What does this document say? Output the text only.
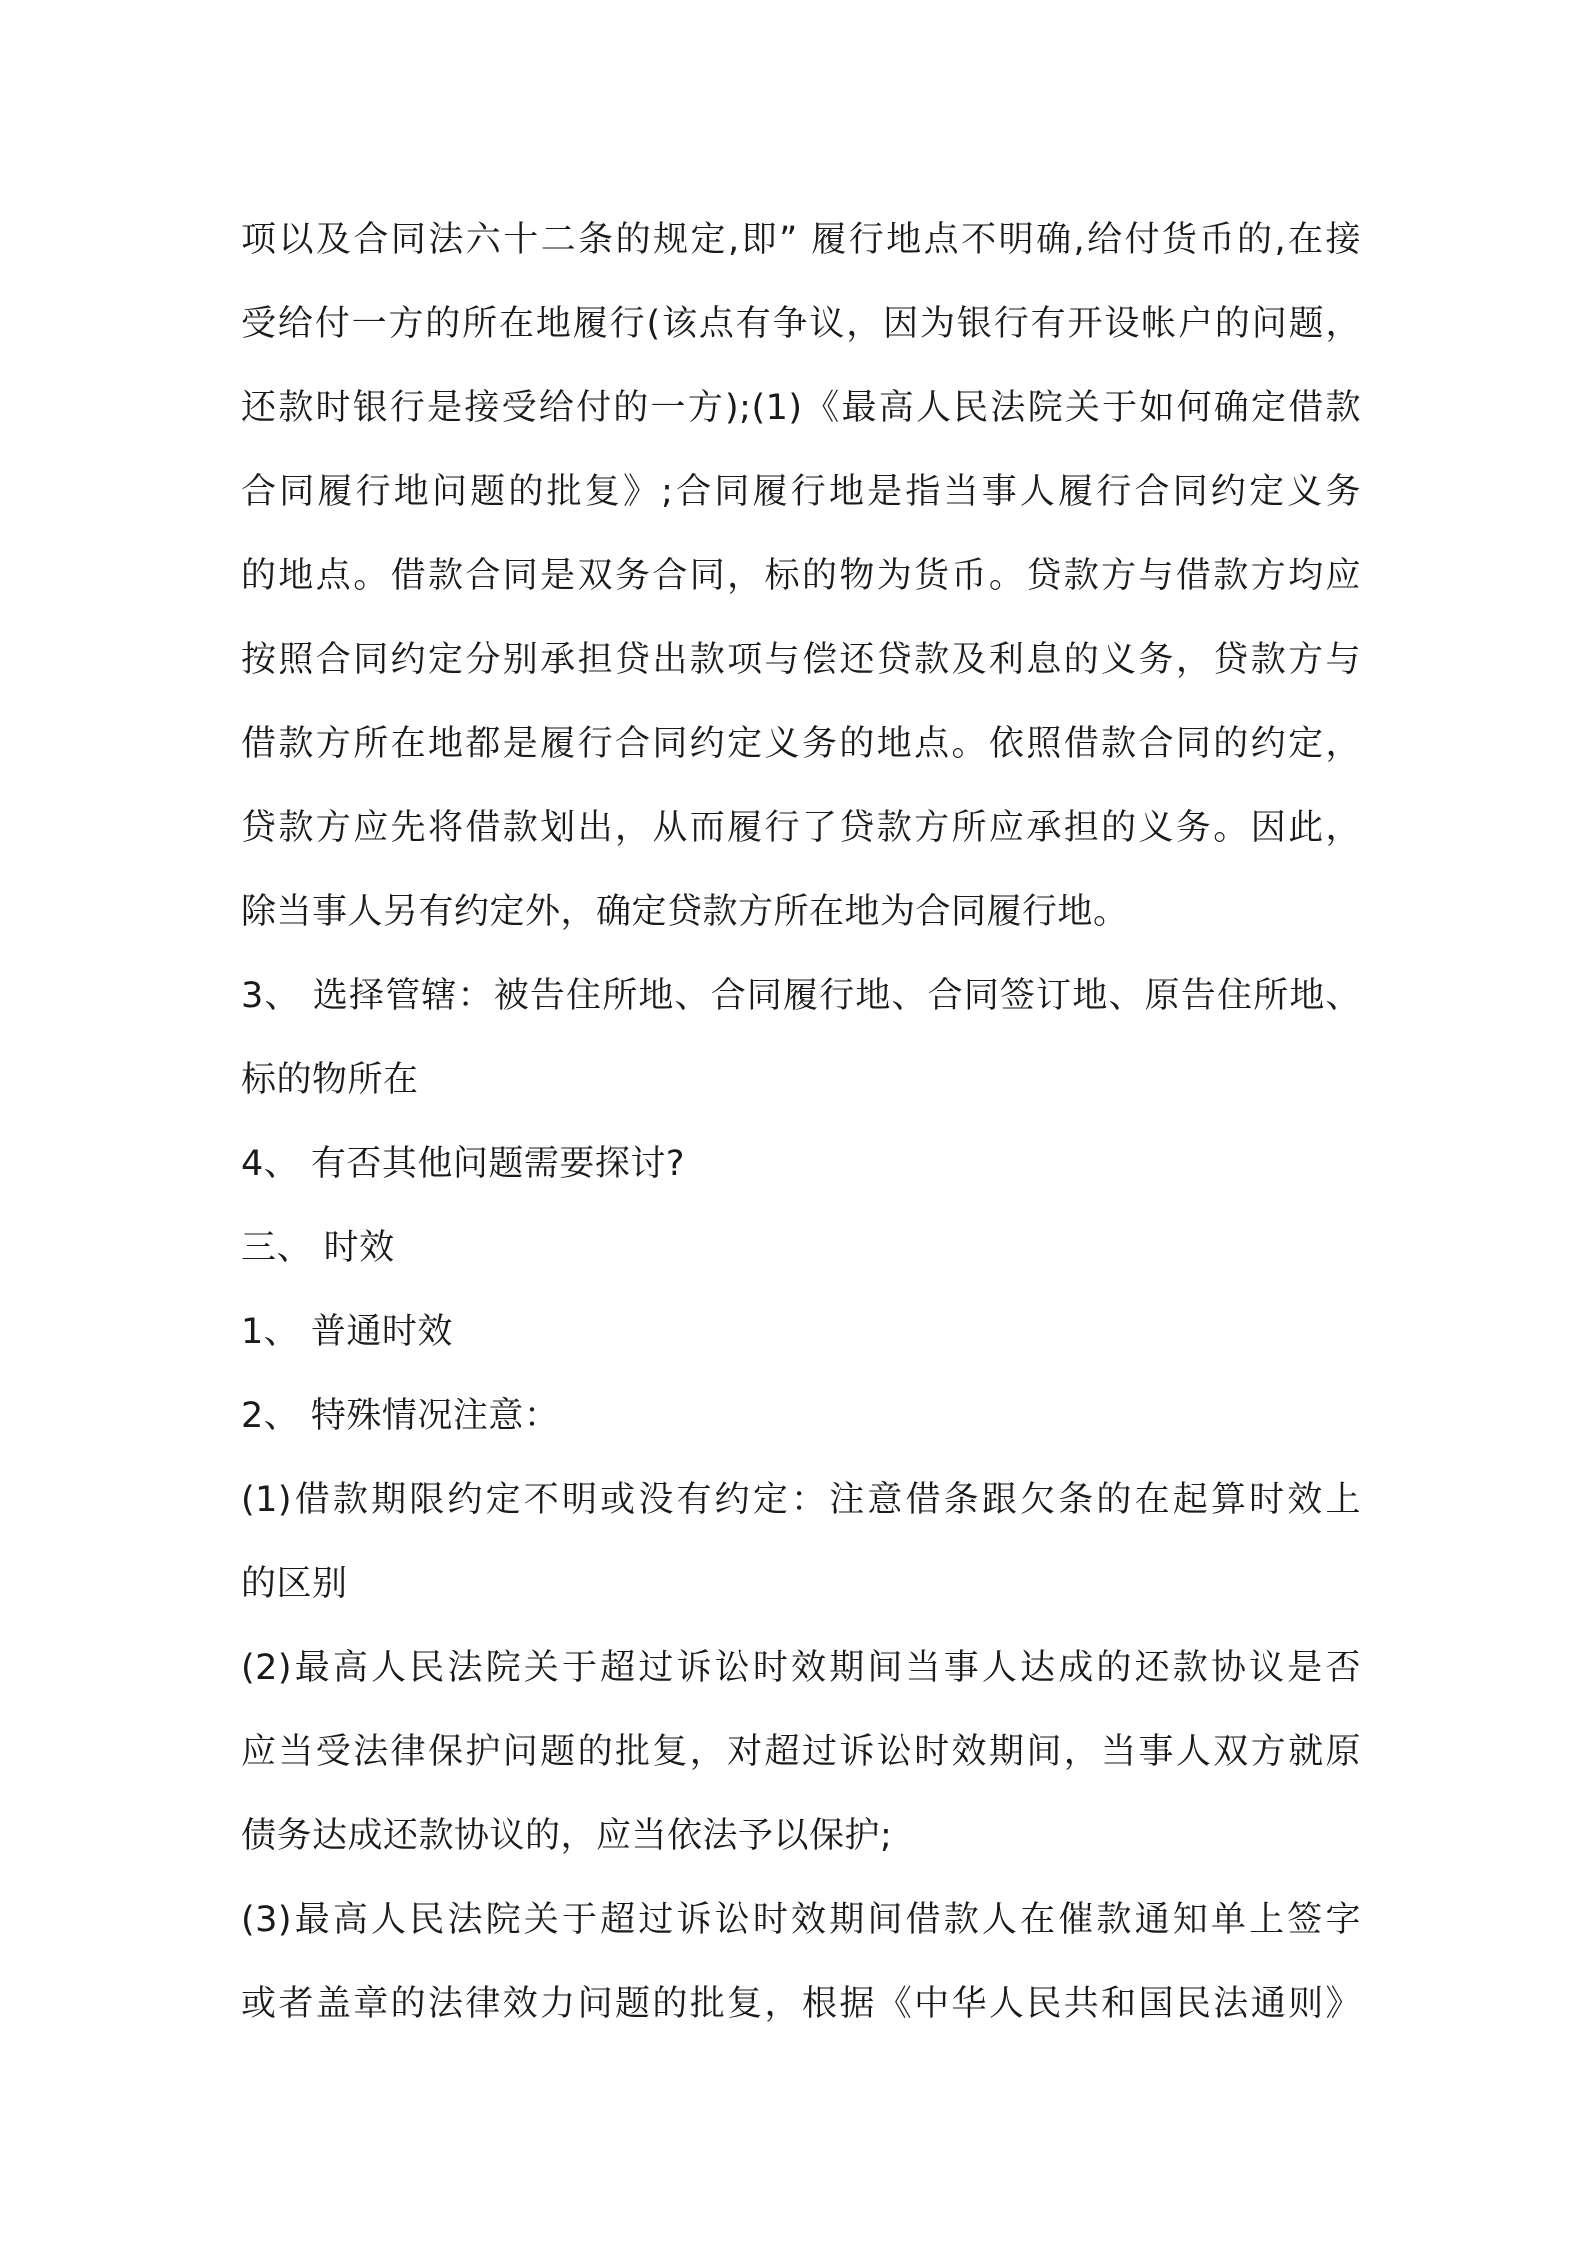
项以及合同法六十二条的规定,即” 履行地点不明确,给付货币的,在接
受给付一方的所在地履行(该点有争议，因为银行有开设帐户的问题，
还款时银行是接受给付的一方);(1)《最高人民法院关于如何确定借款
合同履行地问题的批复》;合同履行地是指当事人履行合同约定义务
的地点。借款合同是双务合同，标的物为货币。贷款方与借款方均应
按照合同约定分别承担贷出款项与偿还贷款及利息的义务，贷款方与
借款方所在地都是履行合同约定义务的地点。依照借款合同的约定，
贷款方应先将借款划出，从而履行了贷款方所应承担的义务。因此，
除当事人另有约定外，确定贷款方所在地为合同履行地。
3、 选择管辖：被告住所地、合同履行地、合同签订地、原告住所地、
标的物所在
4、 有否其他问题需要探讨?
三、 时效
1、 普通时效
2、 特殊情况注意：
(1)借款期限约定不明或没有约定：注意借条跟欠条的在起算时效上
的区别
(2)最高人民法院关于超过诉讼时效期间当事人达成的还款协议是否
应当受法律保护问题的批复，对超过诉讼时效期间，当事人双方就原
债务达成还款协议的，应当依法予以保护;
(3)最高人民法院关于超过诉讼时效期间借款人在催款通知单上签字
或者盖章的法律效力问题的批复，根据《中华人民共和国民法通则》
